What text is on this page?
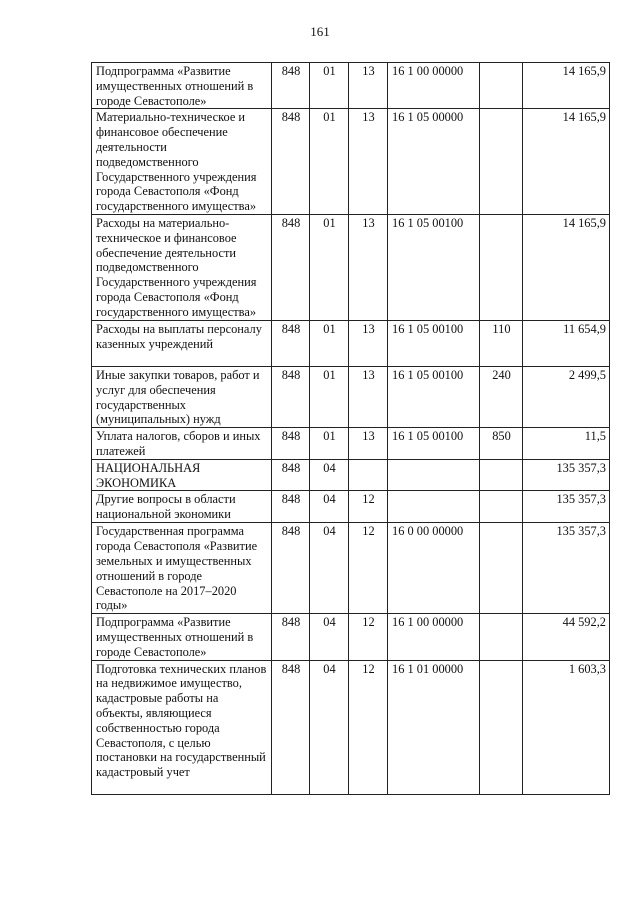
161
Подпрограмма «Развитие имущественных отношений в городе Севастополе»	848	01	13	16 1 00 00000		14 165,9
Материально-техническое и финансовое обеспечение деятельности подведомственного Государственного учреждения города Севастополя «Фонд государственного имущества»	848	01	13	16 1 05 00000		14 165,9
Расходы на материально-техническое и финансовое обеспечение деятельности подведомственного Государственного учреждения города Севастополя «Фонд государственного имущества»	848	01	13	16 1 05 00100		14 165,9
Расходы на выплаты персоналу казенных учреждений	848	01	13	16 1 05 00100	110	11 654,9
Иные закупки товаров, работ и услуг для обеспечения государственных (муниципальных) нужд	848	01	13	16 1 05 00100	240	2 499,5
Уплата налогов, сборов и иных платежей	848	01	13	16 1 05 00100	850	11,5
НАЦИОНАЛЬНАЯ ЭКОНОМИКА	848	04				135 357,3
Другие вопросы в области национальной экономики	848	04	12			135 357,3
Государственная программа города Севастополя «Развитие земельных и имущественных отношений в городе Севастополе на 2017–2020 годы»	848	04	12	16 0 00 00000		135 357,3
Подпрограмма «Развитие имущественных отношений в городе Севастополе»	848	04	12	16 1 00 00000		44 592,2
Подготовка технических планов на недвижимое имущество, кадастровые работы на объекты, являющиеся собственностью города Севастополя, с целью постановки на государственный кадастровый учет	848	04	12	16 1 01 00000		1 603,3
